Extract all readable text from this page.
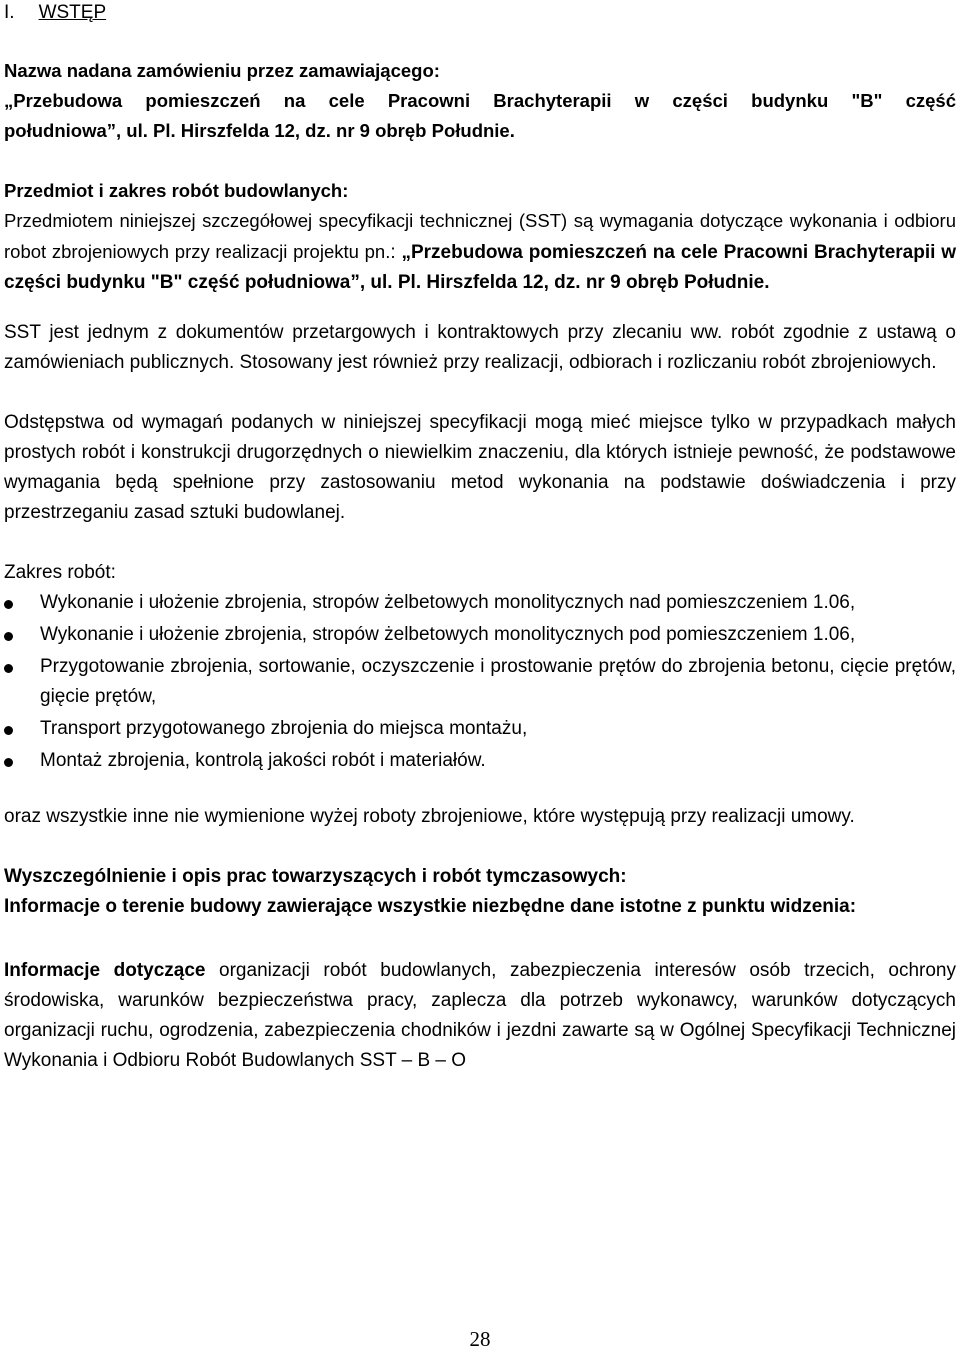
I. WSTĘP

Nazwa nadana zamówieniu przez zamawiającego:

„Przebudowa pomieszczeń na cele Pracowni Brachyterapii w części budynku "B" część

południowa”, ul. Pl. Hirszfelda 12, dz. nr 9 obręb Południe.

Przedmiot i zakres robót budowlanych:

Przedmiotem niniejszej szczegółowej specyfikacji technicznej (SST) są wymagania dotyczące wykonania i odbioru robot zbrojeniowych przy realizacji projektu pn.: „Przebudowa pomieszczeń na cele Pracowni Brachyterapii w części budynku "B" część południowa”, ul. Pl. Hirszfelda 12, dz. nr 9 obręb Południe.

SST jest jednym z dokumentów przetargowych i kontraktowych przy zlecaniu ww. robót zgodnie z ustawą o zamówieniach publicznych. Stosowany jest również przy realizacji, odbiorach i rozliczaniu robót zbrojeniowych.

Odstępstwa od wymagań podanych w niniejszej specyfikacji mogą mieć miejsce tylko w przypadkach małych prostych robót i konstrukcji drugorzędnych o niewielkim znaczeniu, dla których istnieje pewność, że podstawowe wymagania będą spełnione przy zastosowaniu metod wykonania na podstawie doświadczenia i przy przestrzeganiu zasad sztuki budowlanej.

Zakres robót:

Wykonanie i ułożenie zbrojenia, stropów żelbetowych monolitycznych nad pomieszczeniem 1.06,
Wykonanie i ułożenie zbrojenia, stropów żelbetowych monolitycznych pod pomieszczeniem 1.06,
Przygotowanie zbrojenia, sortowanie, oczyszczenie i prostowanie prętów do zbrojenia betonu, cięcie prętów, gięcie prętów,
Transport przygotowanego zbrojenia do miejsca montażu,
Montaż zbrojenia, kontrolą jakości robót i materiałów.

oraz wszystkie inne nie wymienione wyżej roboty zbrojeniowe, które występują przy realizacji umowy.

Wyszczególnienie i opis prac towarzyszących i robót tymczasowych:

Informacje o terenie budowy zawierające wszystkie niezbędne dane istotne z punktu widzenia:

Informacje dotyczące organizacji robót budowlanych, zabezpieczenia interesów osób trzecich, ochrony środowiska, warunków bezpieczeństwa pracy, zaplecza dla potrzeb wykonawcy, warunków dotyczących organizacji ruchu, ogrodzenia, zabezpieczenia chodników i jezdni zawarte są w Ogólnej Specyfikacji Technicznej Wykonania i Odbioru Robót Budowlanych SST – B – O

28
